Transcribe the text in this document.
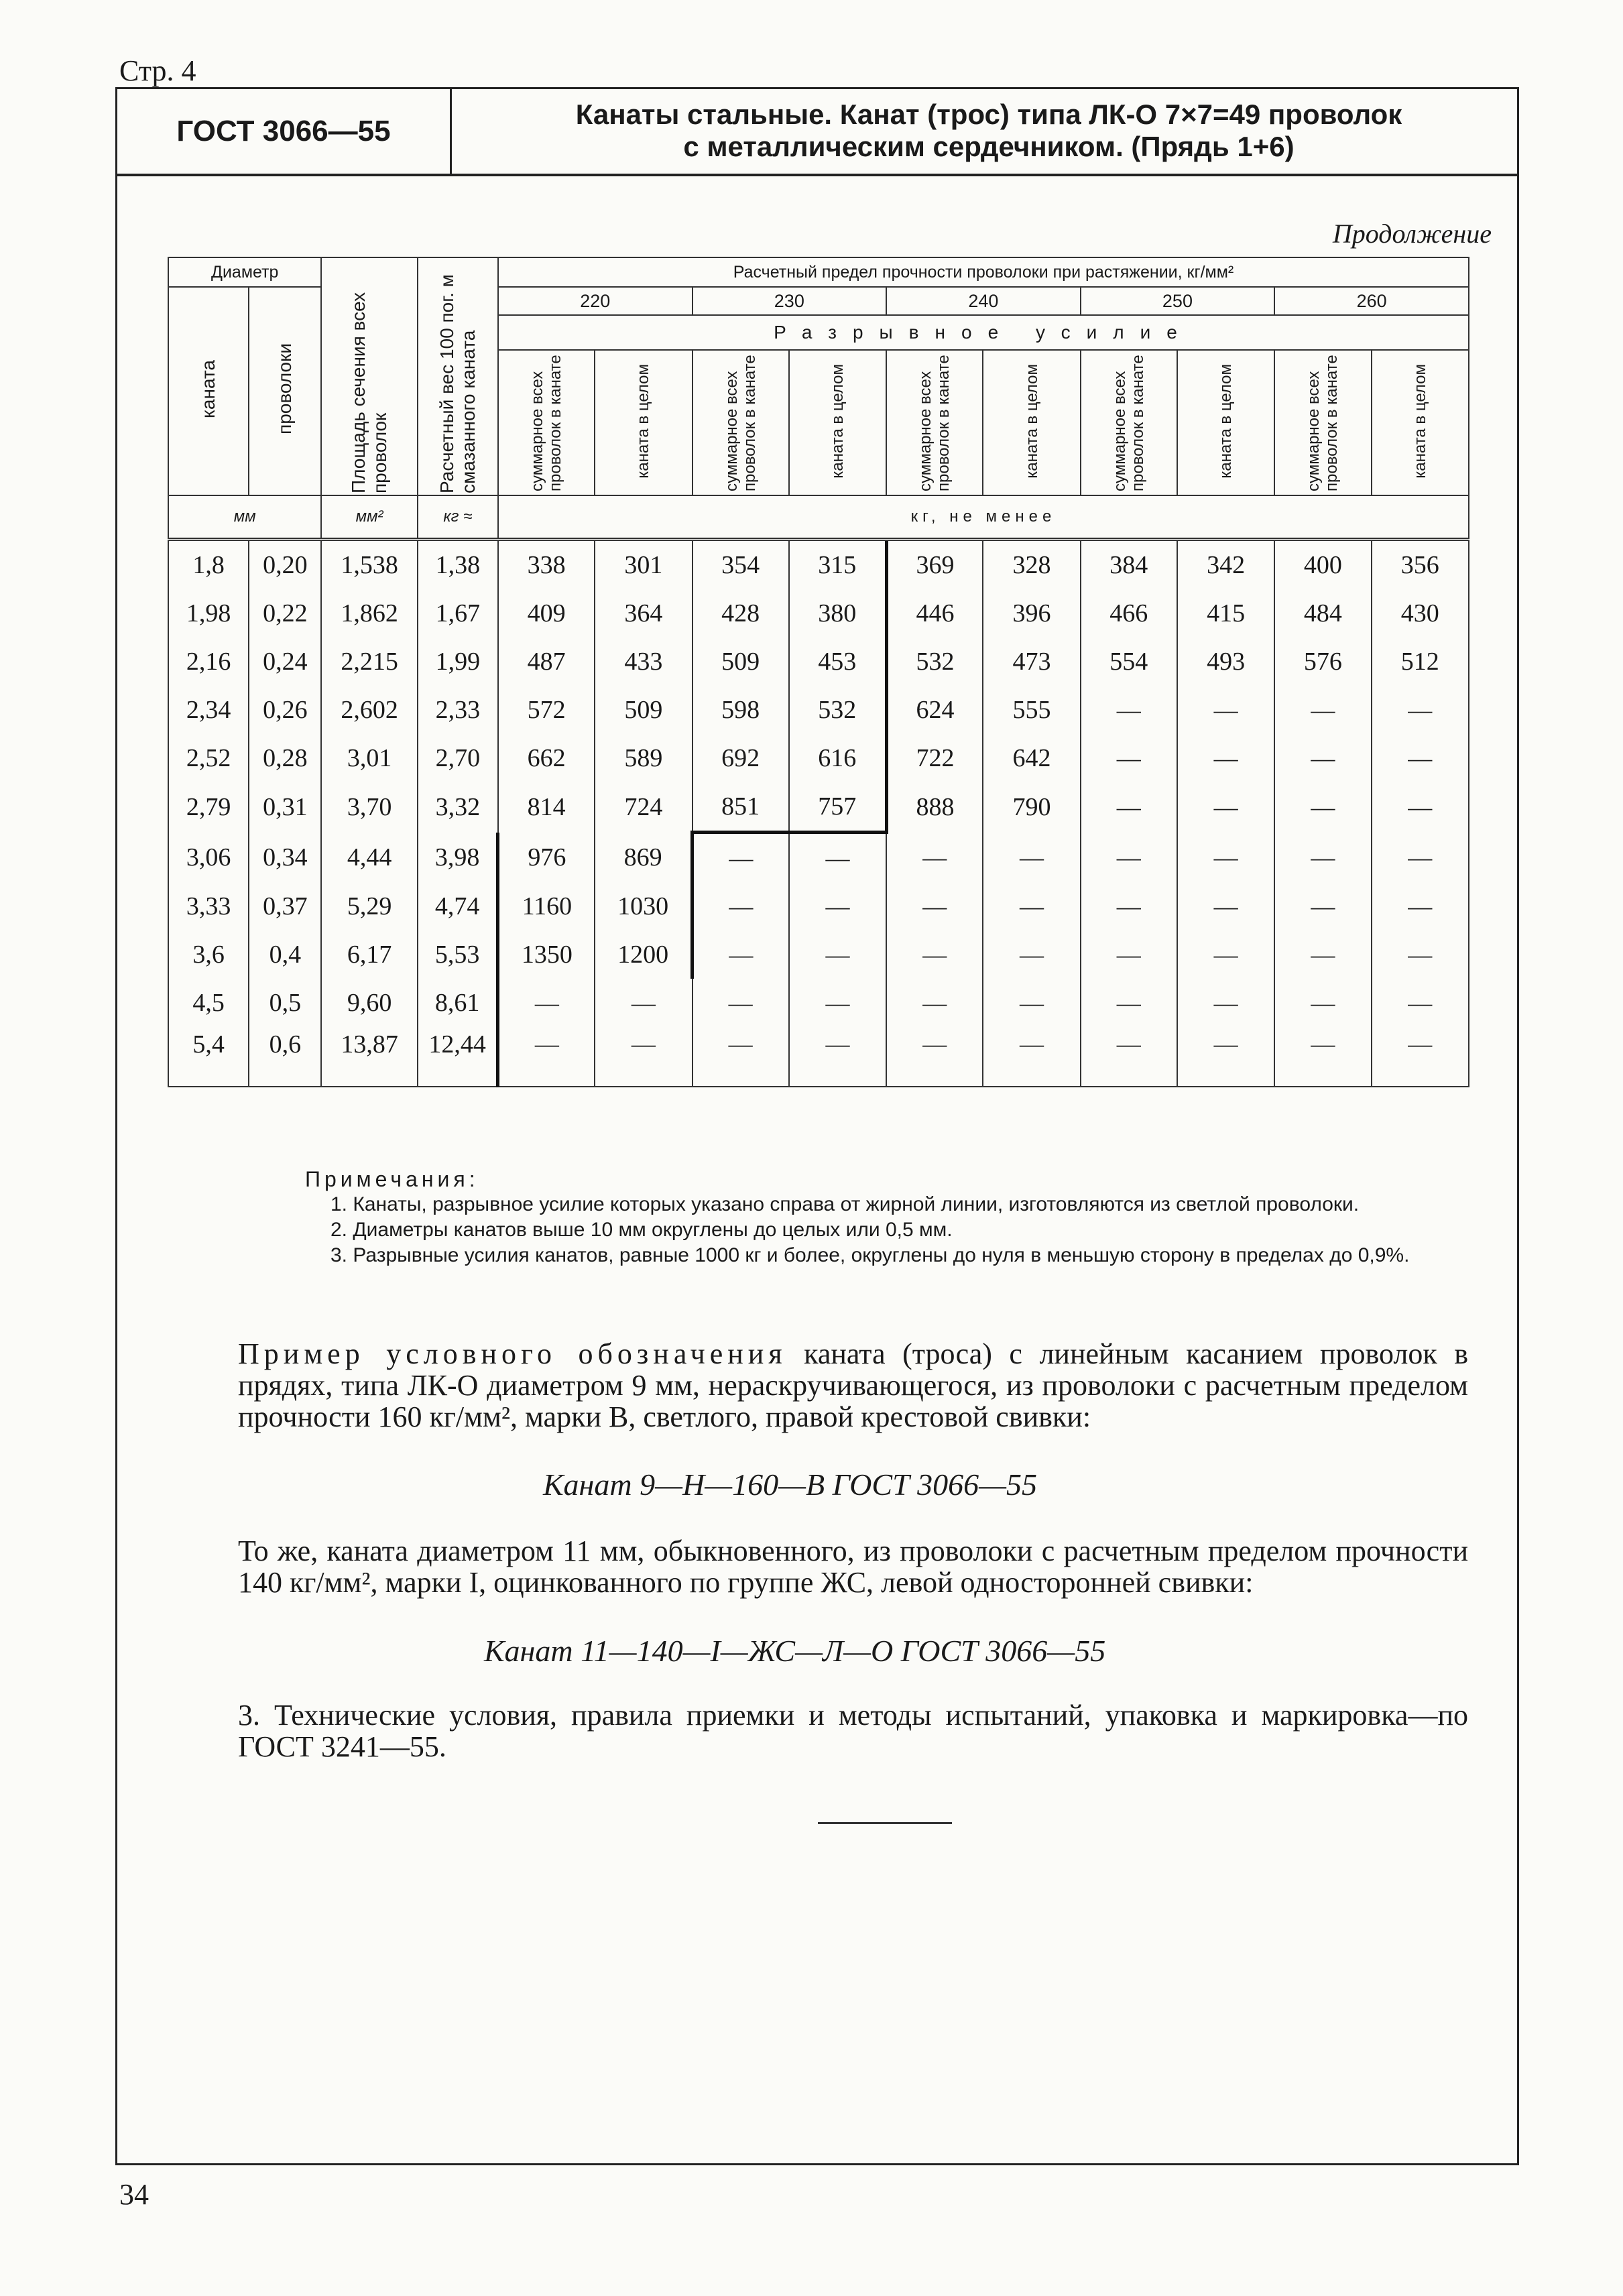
Стр. 4
ГОСТ 3066—55
Канаты стальные. Канат (трос) типа ЛК-О 7×7=49 проволок
с металлическим сердечником. (Прядь 1+6)
Продолжение
Диаметр		Площадь сечения всех проволок	Расчетный вес 100 пог. м смазанного каната	Расчетный предел прочности проволоки при растяжении, кг/мм²									
каната	проволоки			220		230		240		250		260	
				Разрывное усилие									
				суммарное всех проволок в канате	каната в целом	суммарное всех проволок в канате	каната в целом	суммарное всех проволок в канате	каната в целом	суммарное всех проволок в канате	каната в целом	суммарное всех проволок в канате	каната в целом
мм		мм²	кг ≈	кг, не менее									
1,8	0,20	1,538	1,38	338	301	354	315	369	328	384	342	400	356
1,98	0,22	1,862	1,67	409	364	428	380	446	396	466	415	484	430
2,16	0,24	2,215	1,99	487	433	509	453	532	473	554	493	576	512
2,34	0,26	2,602	2,33	572	509	598	532	624	555	—	—	—	—
2,52	0,28	3,01	2,70	662	589	692	616	722	642	—	—	—	—
2,79	0,31	3,70	3,32	814	724	851	757	888	790	—	—	—	—
3,06	0,34	4,44	3,98	976	869	—	—	—	—	—	—	—	—
3,33	0,37	5,29	4,74	1160	1030	—	—	—	—	—	—	—	—
3,6	0,4	6,17	5,53	1350	1200	—	—	—	—	—	—	—	—
4,5	0,5	9,60	8,61	—	—	—	—	—	—	—	—	—	—
5,4	0,6	13,87	12,44	—	—	—	—	—	—	—	—	—	—

Примечания:

1. Канаты, разрывное усилие которых указано справа от жирной линии, изготовляются из светлой проволоки.

2. Диаметры канатов выше 10 мм округлены до целых или 0,5 мм.

3. Разрывные усилия канатов, равные 1000 кг и более, округлены до нуля в меньшую сторону в пределах до 0,9%.

Пример условного обозначения каната (троса) с линейным касанием проволок в прядях, типа ЛК-О диаметром 9 мм, нераскручивающегося, из проволоки с расчетным пределом прочности 160 кг/мм², марки В, светлого, правой крестовой свивки:
Канат 9—Н—160—В ГОСТ 3066—55
То же, каната диаметром 11 мм, обыкновенного, из проволоки с расчетным пределом прочности 140 кг/мм², марки I, оцинкованного по группе ЖС, левой односторонней свивки:
Канат 11—140—I—ЖС—Л—О ГОСТ 3066—55
3. Технические условия, правила приемки и методы испытаний, упаковка и маркировка—по ГОСТ 3241—55.
34
